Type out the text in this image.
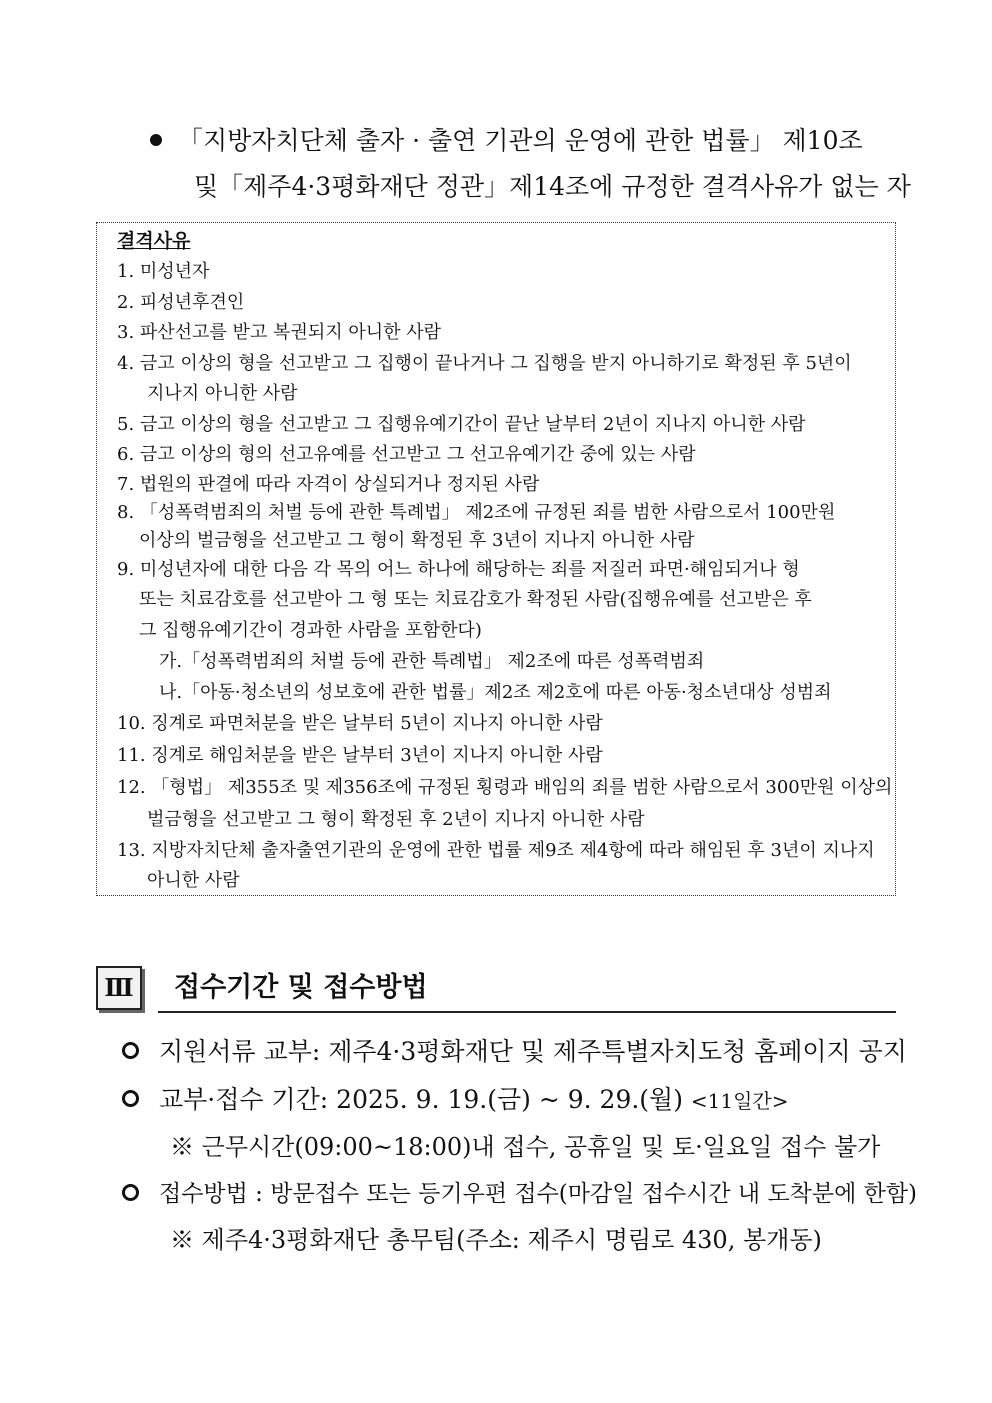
「지방자치단체 출자 · 출연 기관의 운영에 관한 법률」 제10조
및「제주4·3평화재단 정관」제14조에 규정한 결격사유가 없는 자
결격사유
1. 미성년자
2. 피성년후견인
3. 파산선고를 받고 복권되지 아니한 사람
4. 금고 이상의 형을 선고받고 그 집행이 끝나거나 그 집행을 받지 아니하기로 확정된 후 5년이
지나지 아니한 사람
5. 금고 이상의 형을 선고받고 그 집행유예기간이 끝난 날부터 2년이 지나지 아니한 사람
6. 금고 이상의 형의 선고유예를 선고받고 그 선고유예기간 중에 있는 사람
7. 법원의 판결에 따라 자격이 상실되거나 정지된 사람
8. 「성폭력범죄의 처벌 등에 관한 특례법」 제2조에 규정된 죄를 범한 사람으로서 100만원
이상의 벌금형을 선고받고 그 형이 확정된 후 3년이 지나지 아니한 사람
9. 미성년자에 대한 다음 각 목의 어느 하나에 해당하는 죄를 저질러 파면·해임되거나 형
또는 치료감호를 선고받아 그 형 또는 치료감호가 확정된 사람(집행유예를 선고받은 후
그 집행유예기간이 경과한 사람을 포함한다)
가.「성폭력범죄의 처벌 등에 관한 특례법」 제2조에 따른 성폭력범죄
나.「아동·청소년의 성보호에 관한 법률」제2조 제2호에 따른 아동·청소년대상 성범죄
10. 징계로 파면처분을 받은 날부터 5년이 지나지 아니한 사람
11. 징계로 해임처분을 받은 날부터 3년이 지나지 아니한 사람
12. 「형법」 제355조 및 제356조에 규정된 횡령과 배임의 죄를 범한 사람으로서 300만원 이상의
벌금형을 선고받고 그 형이 확정된 후 2년이 지나지 아니한 사람
13. 지방자치단체 출자출연기관의 운영에 관한 법률 제9조 제4항에 따라 해임된 후 3년이 지나지
아니한 사람
Ⅲ	접수기간 및 접수방법
지원서류 교부: 제주4·3평화재단 및 제주특별자치도청 홈페이지 공지
교부·접수 기간: 2025. 9. 19.(금) ~ 9. 29.(월) <11일간>
※ 근무시간(09:00~18:00)내 접수, 공휴일 및 토·일요일 접수 불가
접수방법 : 방문접수 또는 등기우편 접수(마감일 접수시간 내 도착분에 한함)
※ 제주4·3평화재단 총무팀(주소: 제주시 명림로 430, 봉개동)
